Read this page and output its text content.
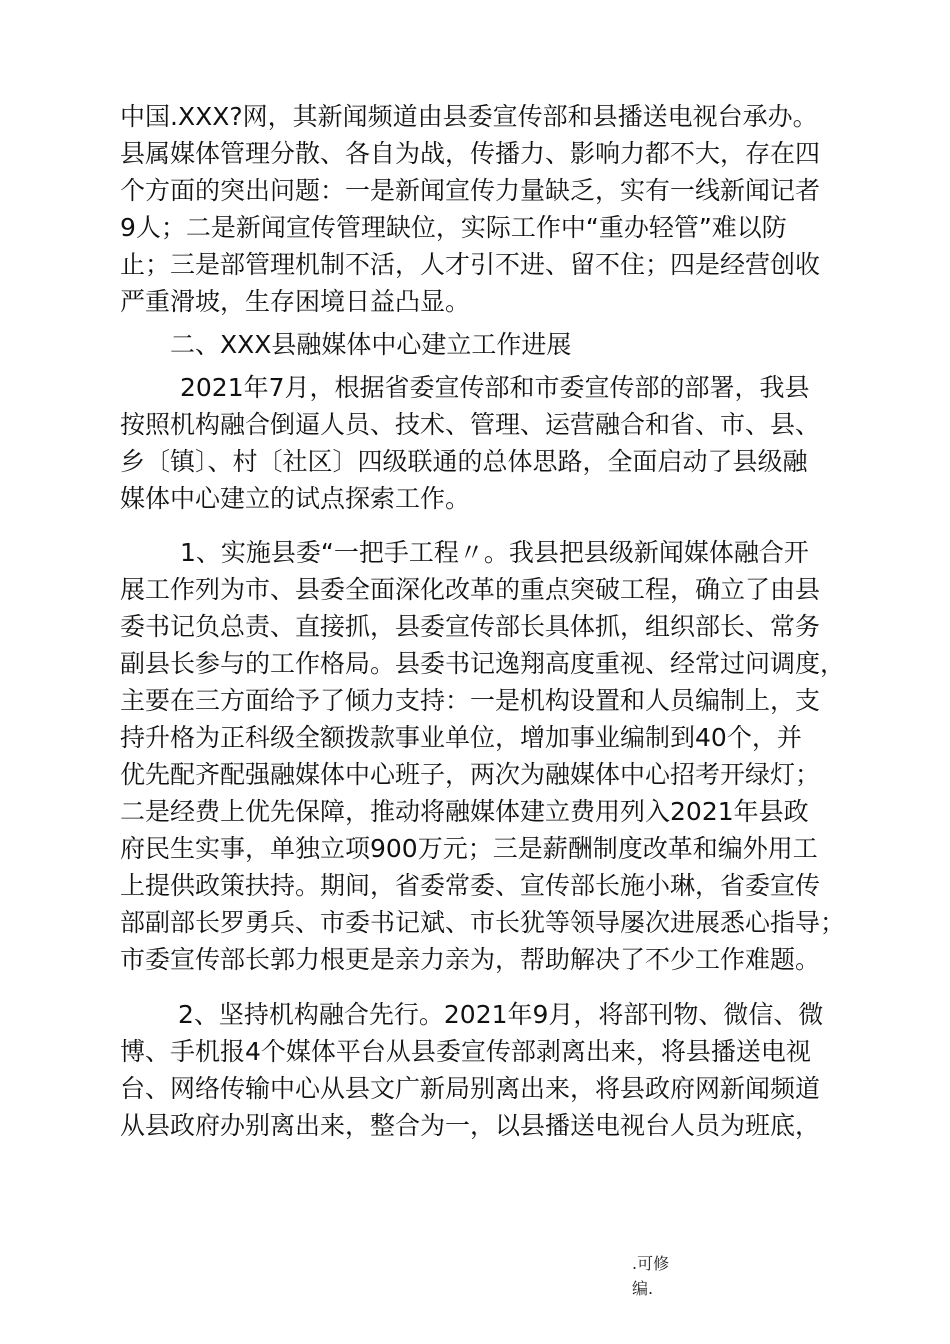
中国.XXX?网，其新闻频道由县委宣传部和县播送电视台承办。
县属媒体管理分散、各自为战，传播力、影响力都不大，存在四
个方面的突出问题：一是新闻宣传力量缺乏，实有一线新闻记者
9人；二是新闻宣传管理缺位，实际工作中“重办轻管”难以防
止；三是部管理机制不活，人才引不进、留不住；四是经营创收
严重滑坡，生存困境日益凸显。
二、XXX县融媒体中心建立工作进展
2021年7月，根据省委宣传部和市委宣传部的部署，我县
按照机构融合倒逼人员、技术、管理、运营融合和省、市、县、
乡〔镇〕、村〔社区〕四级联通的总体思路，全面启动了县级融
媒体中心建立的试点探索工作。
1、实施县委“一把手工程〃。我县把县级新闻媒体融合开
展工作列为市、县委全面深化改革的重点突破工程，确立了由县
委书记负总责、直接抓，县委宣传部长具体抓，组织部长、常务
副县长参与的工作格局。县委书记逸翔高度重视、经常过问调度，
主要在三方面给予了倾力支持：一是机构设置和人员编制上，支
持升格为正科级全额拨款事业单位，增加事业编制到40个，并
优先配齐配强融媒体中心班子，两次为融媒体中心招考开绿灯；
二是经费上优先保障，推动将融媒体建立费用列入2021年县政
府民生实事，单独立项900万元；三是薪酬制度改革和编外用工
上提供政策扶持。期间，省委常委、宣传部长施小琳，省委宣传
部副部长罗勇兵、市委书记斌、市长犹等领导屡次进展悉心指导；
市委宣传部长郭力根更是亲力亲为，帮助解决了不少工作难题。
2、坚持机构融合先行。2021年9月，将部刊物、微信、微
博、手机报4个媒体平台从县委宣传部剥离出来，将县播送电视
台、网络传输中心从县文广新局别离出来，将县政府网新闻频道
从县政府办别离出来，整合为一，以县播送电视台人员为班底，
.可修
编.
